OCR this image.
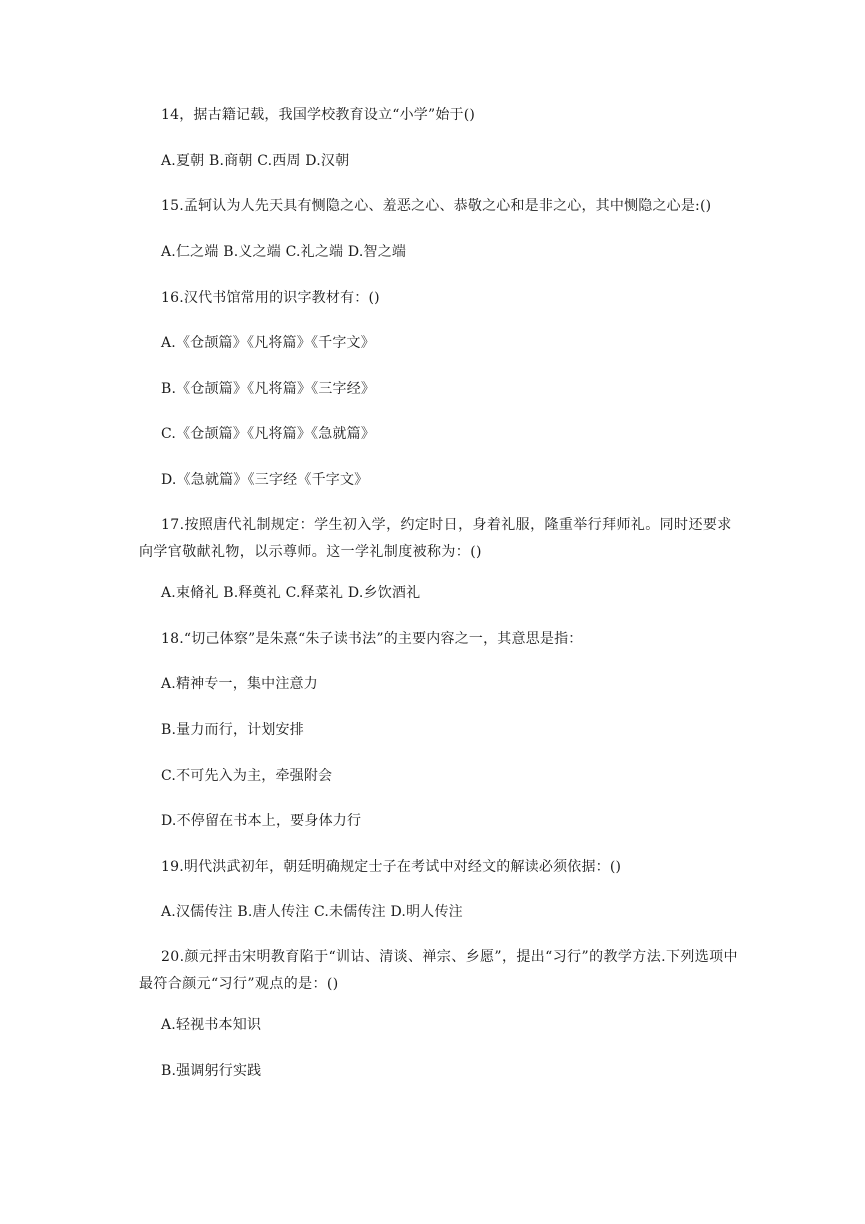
14，据古籍记载，我国学校教育设立“小学”始于()
A.夏朝 B.商朝 C.西周 D.汉朝
15.孟轲认为人先天具有恻隐之心、羞恶之心、恭敬之心和是非之心，其中恻隐之心是:()
A.仁之端 B.义之端 C.礼之端 D.智之端
16.汉代书馆常用的识字教材有：()
A.《仓颉篇》《凡将篇》《千字文》
B.《仓颉篇》《凡将篇》《三字经》
C.《仓颉篇》《凡将篇》《急就篇》
D.《急就篇》《三字经《千字文》
17.按照唐代礼制规定：学生初入学，约定时日，身着礼服，隆重举行拜师礼。同时还要求向学官敬献礼物，以示尊师。这一学礼制度被称为：()
A.束脩礼 B.释奠礼 C.释菜礼 D.乡饮酒礼
18.“切己体察”是朱熹“朱子读书法”的主要内容之一，其意思是指：
A.精神专一，集中注意力
B.量力而行，计划安排
C.不可先入为主，牵强附会
D.不停留在书本上，要身体力行
19.明代洪武初年，朝廷明确规定士子在考试中对经文的解读必须依据：()
A.汉儒传注 B.唐人传注 C.未儒传注 D.明人传注
20.颜元抨击宋明教育陷于“训诂、清谈、禅宗、乡愿”，提出“习行”的教学方法.下列选项中最符合颜元“习行”观点的是：()
A.轻视书本知识
B.强调躬行实践
